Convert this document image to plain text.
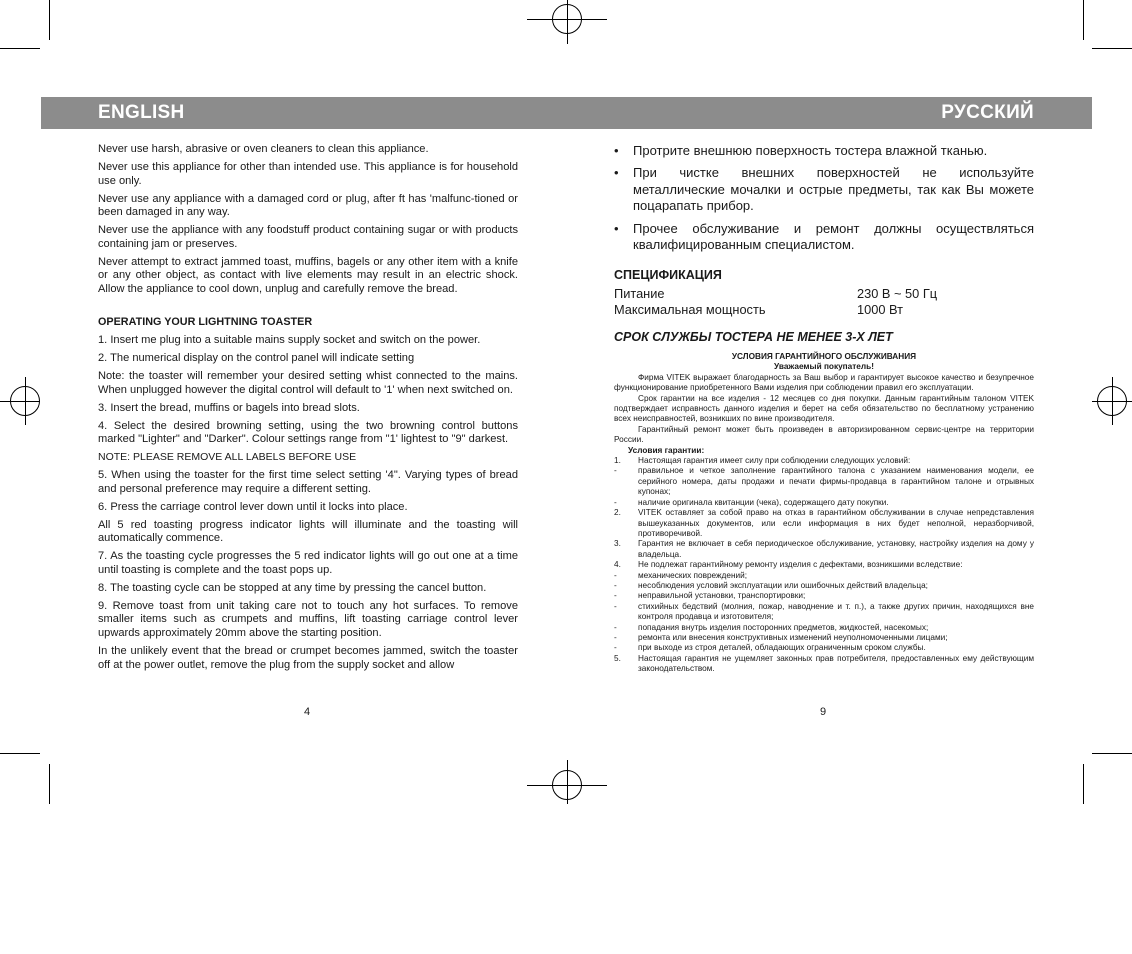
ENGLISH	РУССКИЙ

Never use harsh, abrasive or oven cleaners to clean this appliance.

Never use this appliance for other than intended use. This appliance is for household use only.

Never use any appliance with a damaged cord or plug, after ft has 'malfunc-tioned or been damaged in any way.

Never use the appliance with any foodstuff product containing sugar or with products containing jam or preserves.

Never attempt to extract jammed toast, muffins, bagels or any other item with a knife or any other object, as contact with live elements may result in an electric shock. Allow the appliance to cool down, unplug and carefully remove the bread.

OPERATING YOUR LIGHTNING TOASTER

1. Insert me plug into a suitable mains supply socket and switch on the power.

2. The numerical display on the control panel will indicate setting

Note: the toaster will remember your desired setting whist connected to the mains. When unplugged however the digital control will default to '1' when next switched on.

3. Insert the bread, muffins or bagels into bread slots.

4. Select the desired browning setting, using the two browning control buttons marked "Lighter" and "Darker". Colour settings range from "1' lightest to "9" darkest.

NOTE: PLEASE REMOVE ALL LABELS BEFORE USE

5. When using the toaster for the first time select setting '4". Varying types of bread and personal preference may require a different setting.

6. Press the carriage control lever down until it locks into place.

All 5 red toasting progress indicator lights will illuminate and the toasting will automatically commence.

7. As the toasting cycle progresses the 5 red indicator lights will go out one at a time until toasting is complete and the toast pops up.

8. The toasting cycle can be stopped at any time by pressing the cancel button.

9. Remove toast from unit taking care not to touch any hot surfaces. To remove smaller items such as crumpets and muffins, lift toasting carriage control lever upwards approximately 20mm above the starting position.

In the unlikely event that the bread or crumpet becomes jammed, switch the toaster off at the power outlet, remove the plug from the supply socket and allow

4
• Протрите внешнюю поверхность тостера влажной тканью.
• При чистке внешних поверхностей не используйте металлические мочалки и острые предметы, так как Вы можете поцарапать прибор.
• Прочее обслуживание и ремонт должны осуществляться квалифицированным специалистом.
СПЕЦИФИКАЦИЯ
Питание	230 В ~ 50 Гц
Максимальная мощность	1000 Вт
СРОК СЛУЖБЫ ТОСТЕРА НЕ МЕНЕЕ 3-Х ЛЕТ
УСЛОВИЯ ГАРАНТИЙНОГО ОБСЛУЖИВАНИЯ
Уважаемый покупатель!

Фирма VITEK выражает благодарность за Ваш выбор и гарантирует высокое качество и безупречное функционирование приобретенного Вами изделия при соблюдении правил его эксплуатации.

Срок гарантии на все изделия - 12 месяцев со дня покупки. Данным гарантийным талоном VITEK подтверждает исправность данного изделия и берет на себя обязательство по бесплатному устранению всех неисправностей, возникших по вине производителя.

Гарантийный ремонт может быть произведен в авторизированном сервис-центре на территории России.

Условия гарантии:
1. Настоящая гарантия имеет силу при соблюдении следующих условий:
-	правильное и четкое заполнение гарантийного талона с указанием наименования модели, ее серийного номера, даты продажи и печати фирмы-продавца в гарантийном талоне и отрывных купонах;
-	наличие оригинала квитанции (чека), содержащего дату покупки.
2. VITEK оставляет за собой право на отказ в гарантийном обслуживании в случае непредставления вышеуказанных документов, или если информация в них будет неполной, неразборчивой, противоречивой.
3. Гарантия не включает в себя периодическое обслуживание, установку, настройку изделия на дому у владельца.
4. Не подлежат гарантийному ремонту изделия с дефектами, возникшими вследствие:
-	механических повреждений;
-	несоблюдения условий эксплуатации или ошибочных действий владельца;
-	неправильной установки, транспортировки;
-	стихийных бедствий (молния, пожар, наводнение и т. п.), а также других причин, находящихся вне контроля продавца и изготовителя;
-	попадания внутрь изделия посторонних предметов, жидкостей, насекомых;
-	ремонта или внесения конструктивных изменений неуполномоченными лицами;
-	при выходе из строя деталей, обладающих ограниченным сроком службы.
5. Настоящая гарантия не ущемляет законных прав потребителя, предоставленных ему действующим законодательством.
9
